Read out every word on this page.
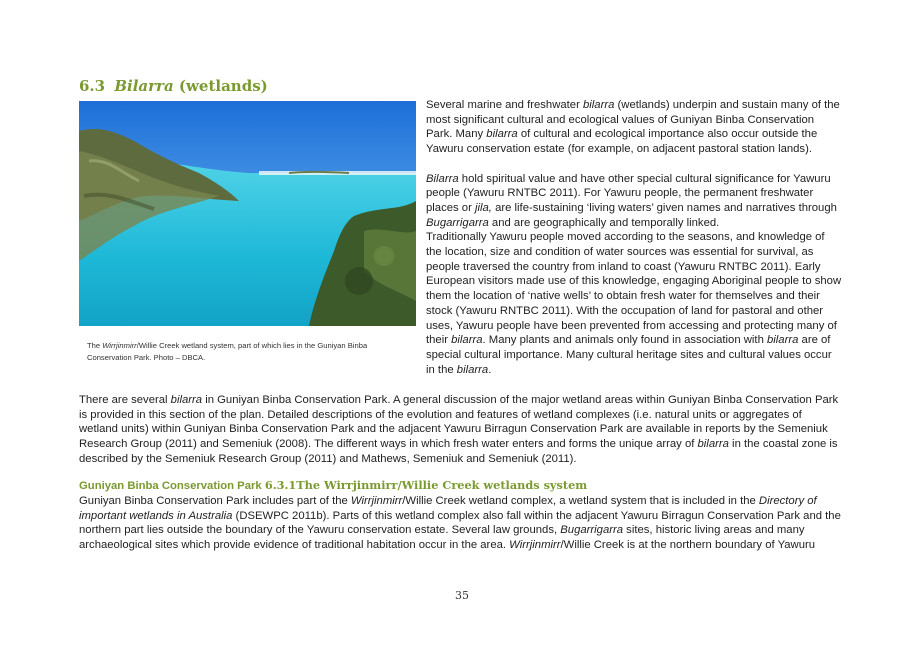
6.3 Bilarra (wetlands)
The Wirrjinmirr/Willie Creek wetland system, part of which lies in the Guniyan Binba Conservation Park. Photo – DBCA.

Several marine and freshwater bilarra (wetlands) underpin and sustain many of the most significant cultural and ecological values of Guniyan Binba Conservation Park. Many bilarra of cultural and ecological importance also occur outside the Yawuru conservation estate (for example, on adjacent pastoral station lands).

Bilarra hold spiritual value and have other special cultural significance for Yawuru people (Yawuru RNTBC 2011). For Yawuru people, the permanent freshwater places or jila, are life-sustaining ‘living waters’ given names and narratives through Bugarrigarra and are geographically and temporally linked.

Traditionally Yawuru people moved according to the seasons, and knowledge of the location, size and condition of water sources was essential for survival, as people traversed the country from inland to coast (Yawuru RNTBC 2011). Early European visitors made use of this knowledge, engaging Aboriginal people to show them the location of ‘native wells’ to obtain fresh water for themselves and their stock (Yawuru RNTBC 2011). With the occupation of land for pastoral and other uses, Yawuru people have been prevented from accessing and protecting many of their bilarra. Many plants and animals only found in association with bilarra are of special cultural importance. Many cultural heritage sites and cultural values occur in the bilarra.

There are several bilarra in Guniyan Binba Conservation Park. A general discussion of the major wetland areas within Guniyan Binba Conservation Park is provided in this section of the plan. Detailed descriptions of the evolution and features of wetland complexes (i.e. natural units or aggregates of wetland units) within Guniyan Binba Conservation Park and the adjacent Yawuru Birragun Conservation Park are available in reports by the Semeniuk Research Group (2011) and Semeniuk (2008). The different ways in which fresh water enters and forms the unique array of bilarra in the coastal zone is described by the Semeniuk Research Group (2011) and Mathews, Semeniuk and Semeniuk (2011).

Guniyan Binba Conservation Park 6.3.1The Wirrjinmirr/Willie Creek wetlands system

Guniyan Binba Conservation Park includes part of the Wirrjinmirr/Willie Creek wetland complex, a wetland system that is included in the Directory of important wetlands in Australia (DSEWPC 2011b). Parts of this wetland complex also fall within the adjacent Yawuru Birragun Conservation Park and the northern part lies outside the boundary of the Yawuru conservation estate. Several law grounds, Bugarrigarra sites, historic living areas and many archaeological sites which provide evidence of traditional habitation occur in the area. Wirrjinmirr/Willie Creek is at the northern boundary of Yawuru

35
